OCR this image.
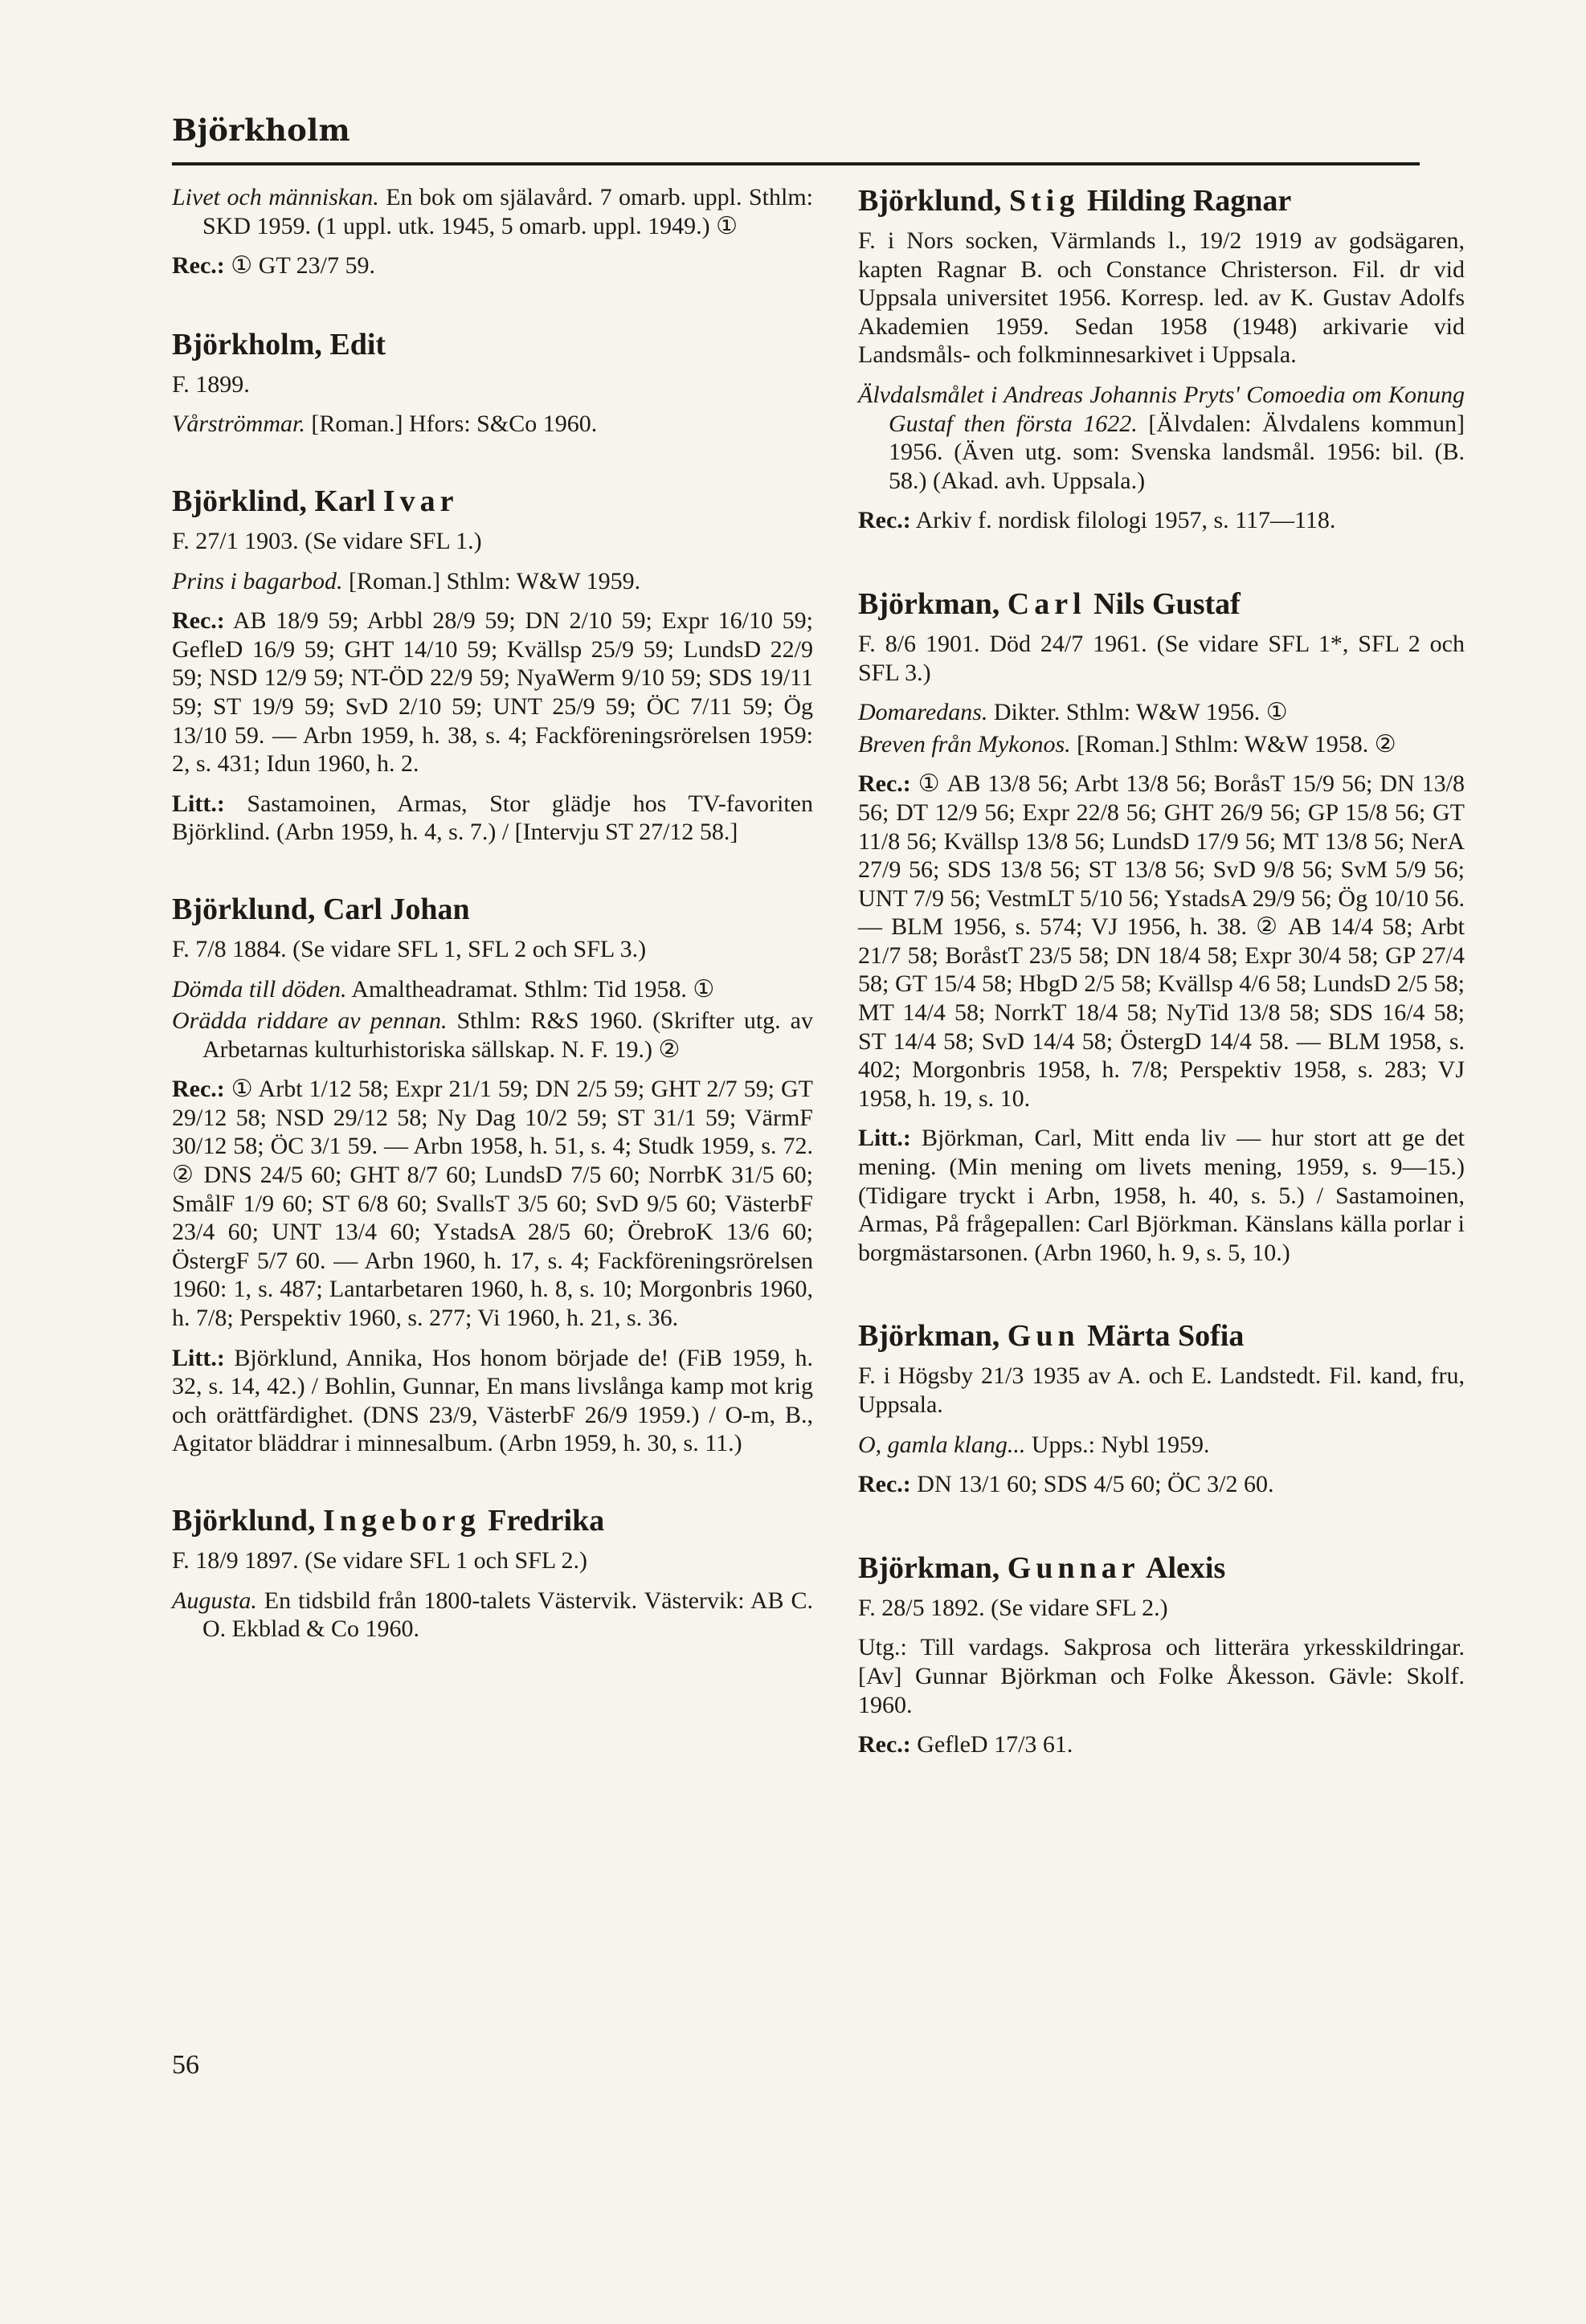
Björkholm
Livet och människan. En bok om själavård. 7 omarb. uppl. Sthlm: SKD 1959. (1 uppl. utk. 1945, 5 omarb. uppl. 1949.) ①
Rec.: ① GT 23/7 59.
Björkholm, Edit
F. 1899.
Vårströmmar. [Roman.] Hfors: S&Co 1960.
Björklind, Karl Ivar
F. 27/1 1903. (Se vidare SFL 1.)
Prins i bagarbod. [Roman.] Sthlm: W&W 1959.
Rec.: AB 18/9 59; Arbbl 28/9 59; DN 2/10 59; Expr 16/10 59; GefleD 16/9 59; GHT 14/10 59; Kvällsp 25/9 59; LundsD 22/9 59; NSD 12/9 59; NT-ÖD 22/9 59; NyaWerm 9/10 59; SDS 19/11 59; ST 19/9 59; SvD 2/10 59; UNT 25/9 59; ÖC 7/11 59; Ög 13/10 59. — Arbn 1959, h. 38, s. 4; Fackföreningsrörelsen 1959: 2, s. 431; Idun 1960, h. 2.
Litt.: Sastamoinen, Armas, Stor glädje hos TV-favoriten Björklind. (Arbn 1959, h. 4, s. 7.) / [Intervju ST 27/12 58.]
Björklund, Carl Johan
F. 7/8 1884. (Se vidare SFL 1, SFL 2 och SFL 3.)
Dömda till döden. Amaltheadramat. Sthlm: Tid 1958. ①
Orädda riddare av pennan. Sthlm: R&S 1960. (Skrifter utg. av Arbetarnas kulturhistoriska sällskap. N. F. 19.) ②
Rec.: ① Arbt 1/12 58; Expr 21/1 59; DN 2/5 59; GHT 2/7 59; GT 29/12 58; NSD 29/12 58; Ny Dag 10/2 59; ST 31/1 59; VärmF 30/12 58; ÖC 3/1 59. — Arbn 1958, h. 51, s. 4; Studk 1959, s. 72. ② DNS 24/5 60; GHT 8/7 60; LundsD 7/5 60; NorrbK 31/5 60; SmålF 1/9 60; ST 6/8 60; SvallsT 3/5 60; SvD 9/5 60; VästerbF 23/4 60; UNT 13/4 60; YstadsA 28/5 60; ÖrebroK 13/6 60; ÖstergF 5/7 60. — Arbn 1960, h. 17, s. 4; Fackföreningsrörelsen 1960: 1, s. 487; Lantarbetaren 1960, h. 8, s. 10; Morgonbris 1960, h. 7/8; Perspektiv 1960, s. 277; Vi 1960, h. 21, s. 36.
Litt.: Björklund, Annika, Hos honom började de! (FiB 1959, h. 32, s. 14, 42.) / Bohlin, Gunnar, En mans livslånga kamp mot krig och orättfärdighet. (DNS 23/9, VästerbF 26/9 1959.) / O-m, B., Agitator bläddrar i minnesalbum. (Arbn 1959, h. 30, s. 11.)
Björklund, Ingeborg Fredrika
F. 18/9 1897. (Se vidare SFL 1 och SFL 2.)
Augusta. En tidsbild från 1800-talets Västervik. Västervik: AB C. O. Ekblad & Co 1960.
Björklund, Stig Hilding Ragnar
F. i Nors socken, Värmlands l., 19/2 1919 av godsägaren, kapten Ragnar B. och Constance Christerson. Fil. dr vid Uppsala universitet 1956. Korresp. led. av K. Gustav Adolfs Akademien 1959. Sedan 1958 (1948) arkivarie vid Landsmåls- och folkminnesarkivet i Uppsala.
Älvdalsmålet i Andreas Johannis Pryts' Comoedia om Konung Gustaf then första 1622. [Älvdalen: Älvdalens kommun] 1956. (Även utg. som: Svenska landsmål. 1956: bil. (B. 58.) (Akad. avh. Uppsala.)
Rec.: Arkiv f. nordisk filologi 1957, s. 117—118.
Björkman, Carl Nils Gustaf
F. 8/6 1901. Död 24/7 1961. (Se vidare SFL 1*, SFL 2 och SFL 3.)
Domaredans. Dikter. Sthlm: W&W 1956. ①
Breven från Mykonos. [Roman.] Sthlm: W&W 1958. ②
Rec.: ① AB 13/8 56; Arbt 13/8 56; BoråsT 15/9 56; DN 13/8 56; DT 12/9 56; Expr 22/8 56; GHT 26/9 56; GP 15/8 56; GT 11/8 56; Kvällsp 13/8 56; LundsD 17/9 56; MT 13/8 56; NerA 27/9 56; SDS 13/8 56; ST 13/8 56; SvD 9/8 56; SvM 5/9 56; UNT 7/9 56; VestmLT 5/10 56; YstadsA 29/9 56; Ög 10/10 56. — BLM 1956, s. 574; VJ 1956, h. 38. ② AB 14/4 58; Arbt 21/7 58; BoråstT 23/5 58; DN 18/4 58; Expr 30/4 58; GP 27/4 58; GT 15/4 58; HbgD 2/5 58; Kvällsp 4/6 58; LundsD 2/5 58; MT 14/4 58; NorrkT 18/4 58; NyTid 13/8 58; SDS 16/4 58; ST 14/4 58; SvD 14/4 58; ÖstergD 14/4 58. — BLM 1958, s. 402; Morgonbris 1958, h. 7/8; Perspektiv 1958, s. 283; VJ 1958, h. 19, s. 10.
Litt.: Björkman, Carl, Mitt enda liv — hur stort att ge det mening. (Min mening om livets mening, 1959, s. 9—15.) (Tidigare tryckt i Arbn, 1958, h. 40, s. 5.) / Sastamoinen, Armas, På frågepallen: Carl Björkman. Känslans källa porlar i borgmästarsonen. (Arbn 1960, h. 9, s. 5, 10.)
Björkman, Gun Märta Sofia
F. i Högsby 21/3 1935 av A. och E. Landstedt. Fil. kand, fru, Uppsala.
O, gamla klang... Upps.: Nybl 1959.
Rec.: DN 13/1 60; SDS 4/5 60; ÖC 3/2 60.
Björkman, Gunnar Alexis
F. 28/5 1892. (Se vidare SFL 2.)
Utg.: Till vardags. Sakprosa och litterära yrkesskildringar. [Av] Gunnar Björkman och Folke Åkesson. Gävle: Skolf. 1960.
Rec.: GefleD 17/3 61.
56
